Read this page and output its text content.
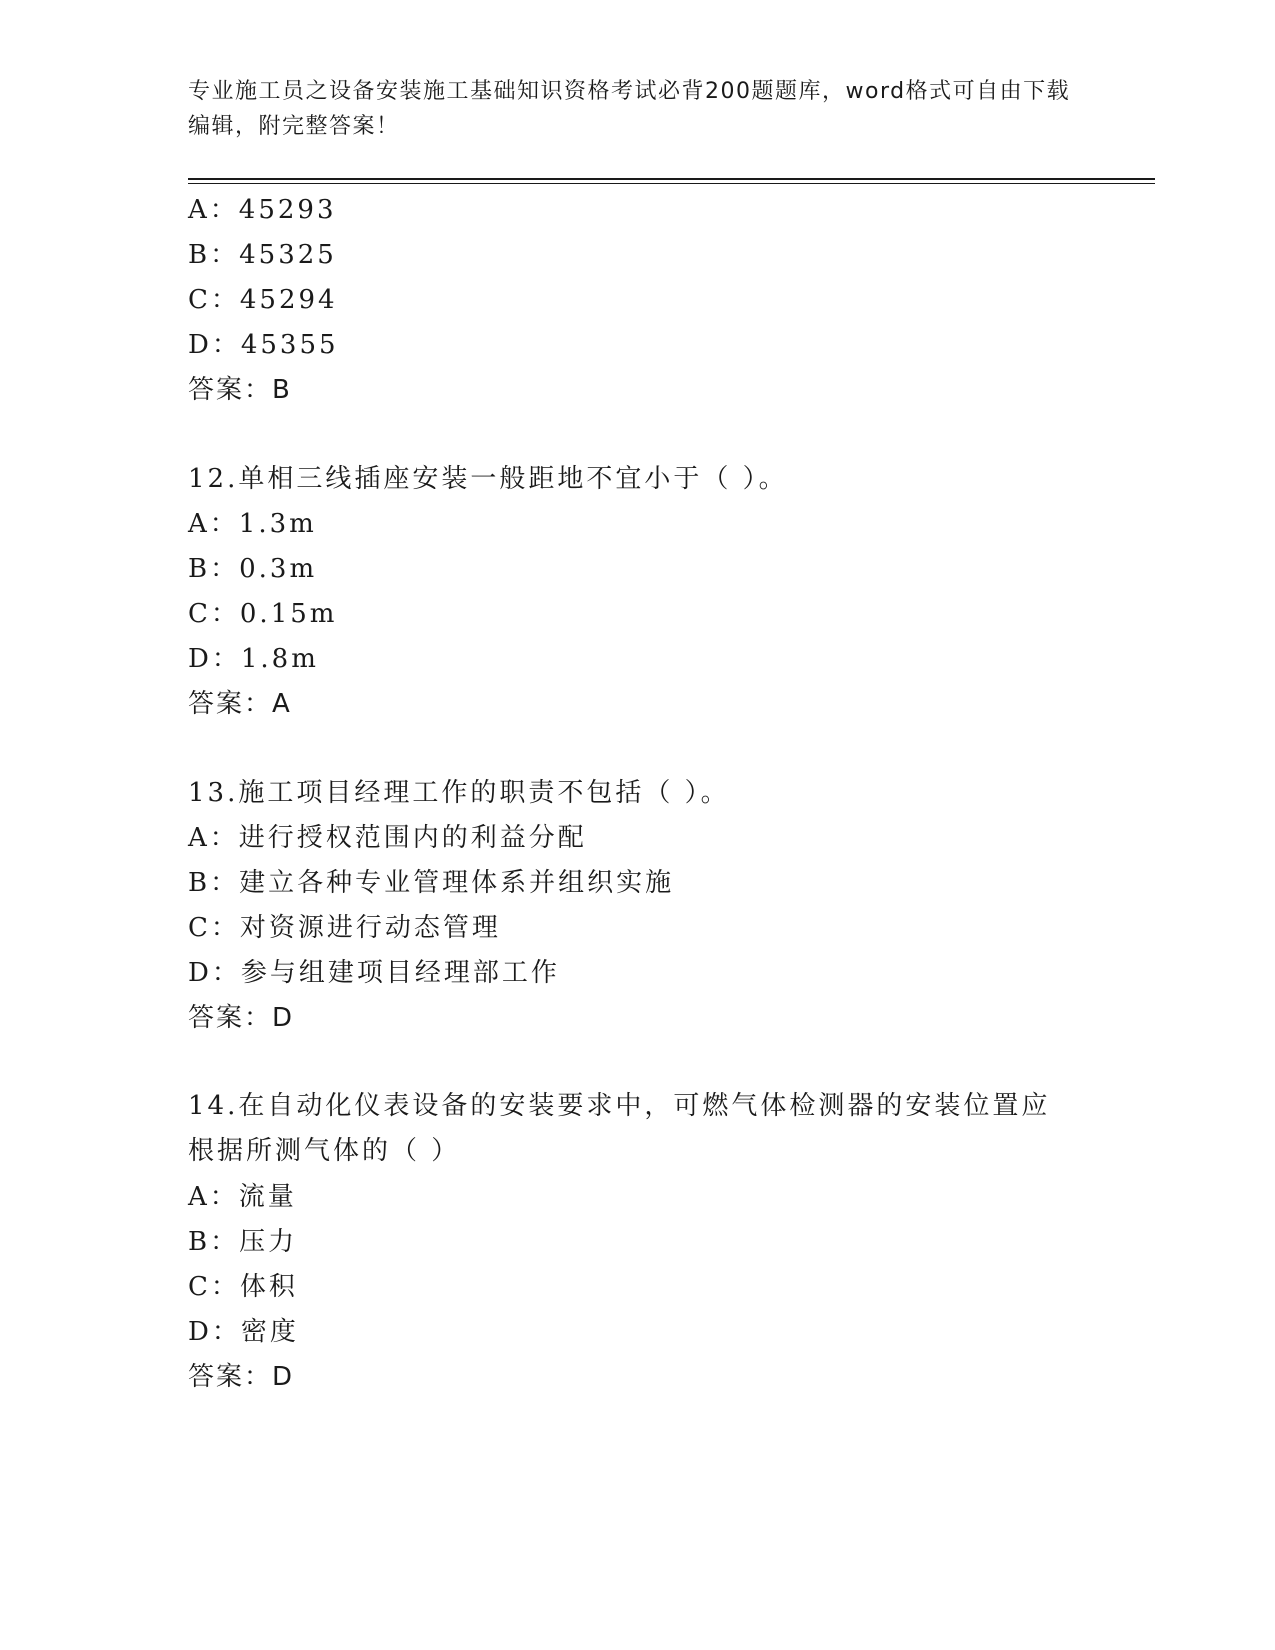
专业施工员之设备安装施工基础知识资格考试必背200题题库，word格式可自由下载编辑，附完整答案！
A：45293
B：45325
C：45294
D：45355
答案：B
12.单相三线插座安装一般距地不宜小于（ ）。
A：1.3m
B：0.3m
C：0.15m
D：1.8m
答案：A
13.施工项目经理工作的职责不包括（ ）。
A：进行授权范围内的利益分配
B：建立各种专业管理体系并组织实施
C：对资源进行动态管理
D：参与组建项目经理部工作
答案：D
14.在自动化仪表设备的安装要求中，可燃气体检测器的安装位置应根据所测气体的（ ）
A：流量
B：压力
C：体积
D：密度
答案：D
